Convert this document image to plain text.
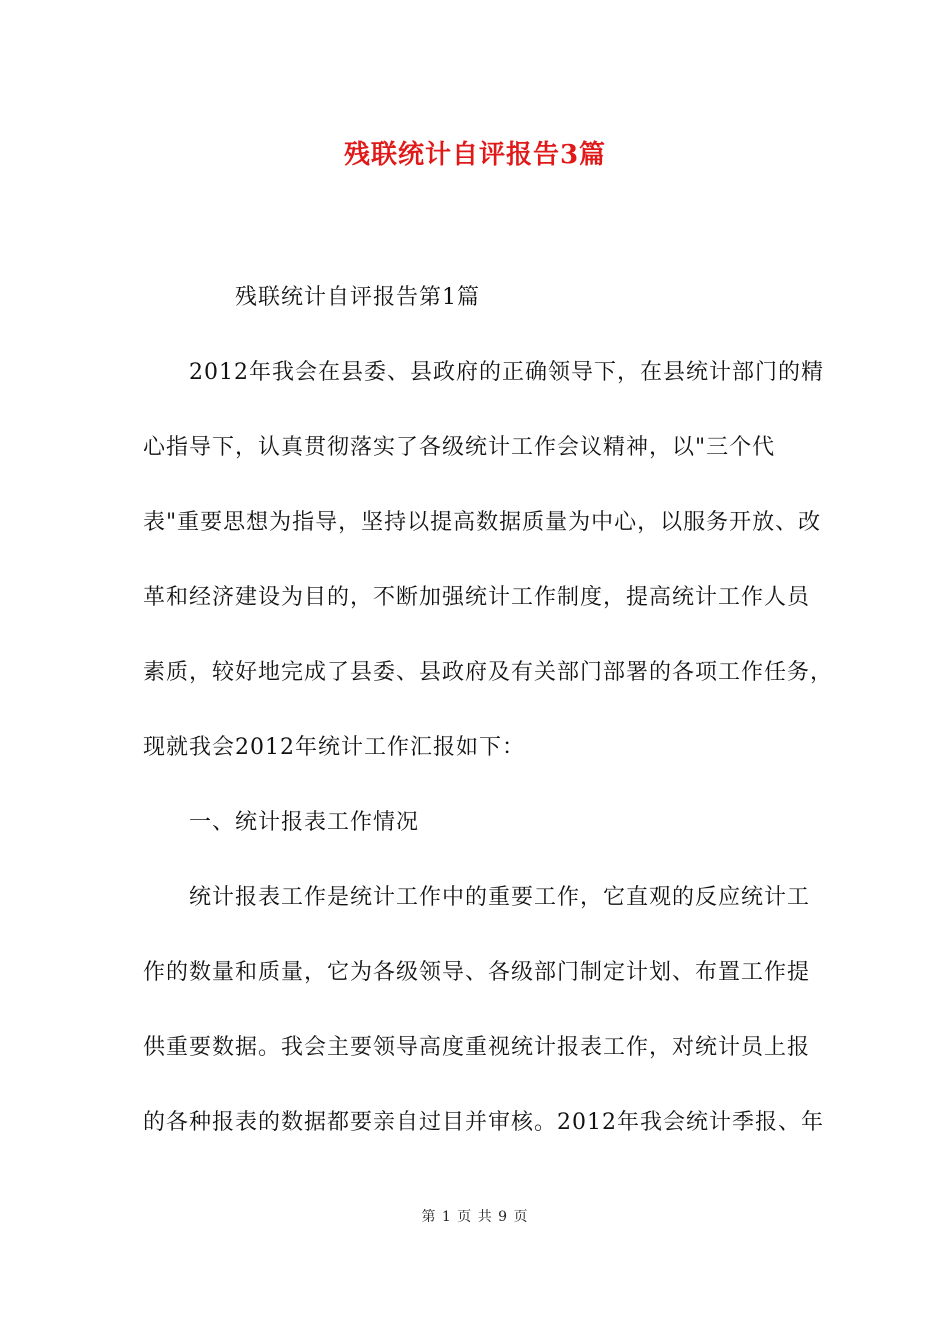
残联统计自评报告3篇
残联统计自评报告第1篇
2012年我会在县委、县政府的正确领导下，在县统计部门的精
心指导下，认真贯彻落实了各级统计工作会议精神，以"三个代
表"重要思想为指导，坚持以提高数据质量为中心，以服务开放、改
革和经济建设为目的，不断加强统计工作制度，提高统计工作人员
素质，较好地完成了县委、县政府及有关部门部署的各项工作任务，
现就我会2012年统计工作汇报如下：
一、统计报表工作情况
统计报表工作是统计工作中的重要工作，它直观的反应统计工
作的数量和质量，它为各级领导、各级部门制定计划、布置工作提
供重要数据。我会主要领导高度重视统计报表工作，对统计员上报
的各种报表的数据都要亲自过目并审核。2012年我会统计季报、年
第 1 页 共 9 页
